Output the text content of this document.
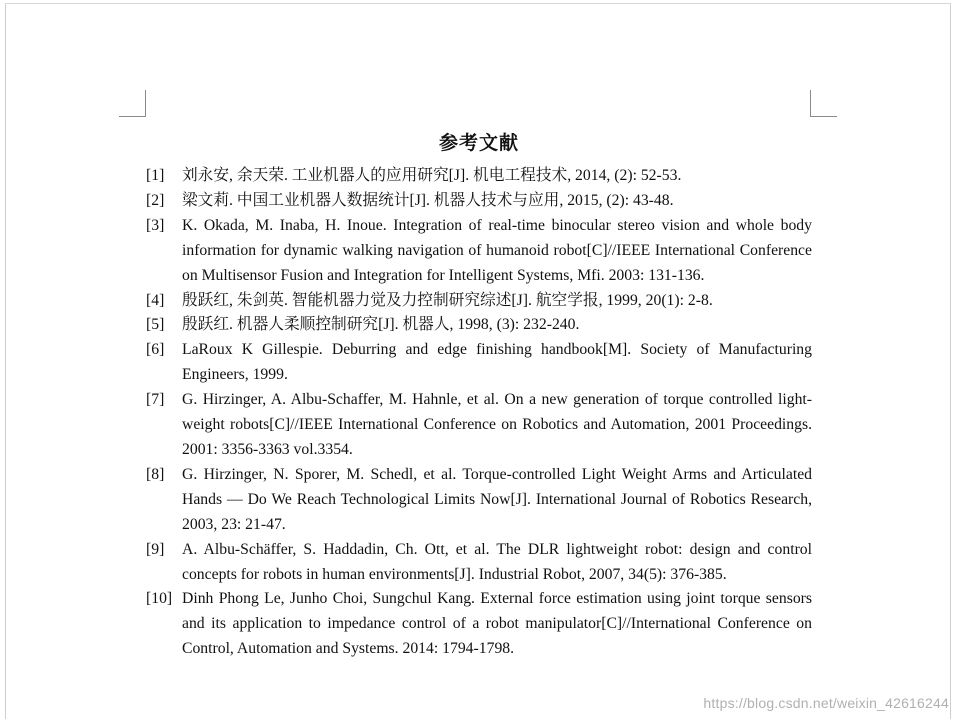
参考文献
[1]	刘永安, 余天荣. 工业机器人的应用研究[J]. 机电工程技术, 2014, (2): 52-53.
[2]	梁文莉. 中国工业机器人数据统计[J]. 机器人技术与应用, 2015, (2): 43-48.
[3]	K. Okada, M. Inaba, H. Inoue. Integration of real-time binocular stereo vision and whole body information for dynamic walking navigation of humanoid robot[C]//IEEE International Conference on Multisensor Fusion and Integration for Intelligent Systems, Mfi. 2003: 131-136.
[4]	殷跃红, 朱剑英. 智能机器力觉及力控制研究综述[J]. 航空学报, 1999, 20(1): 2-8.
[5]	殷跃红. 机器人柔顺控制研究[J]. 机器人, 1998, (3): 232-240.
[6]	LaRoux K Gillespie. Deburring and edge finishing handbook[M]. Society of Manufacturing Engineers, 1999.
[7]	G. Hirzinger, A. Albu-Schaffer, M. Hahnle, et al. On a new generation of torque controlled light-weight robots[C]//IEEE International Conference on Robotics and Automation, 2001 Proceedings. 2001: 3356-3363 vol.3354.
[8]	G. Hirzinger, N. Sporer, M. Schedl, et al. Torque-controlled Light Weight Arms and Articulated Hands — Do We Reach Technological Limits Now[J]. International Journal of Robotics Research, 2003, 23: 21-47.
[9]	A. Albu‐Schäffer, S. Haddadin, Ch. Ott, et al. The DLR lightweight robot: design and control concepts for robots in human environments[J]. Industrial Robot, 2007, 34(5): 376-385.
[10] Dinh Phong Le, Junho Choi, Sungchul Kang. External force estimation using joint torque sensors and its application to impedance control of a robot manipulator[C]//International Conference on Control, Automation and Systems. 2014: 1794-1798.
https://blog.csdn.net/weixin_42616244
